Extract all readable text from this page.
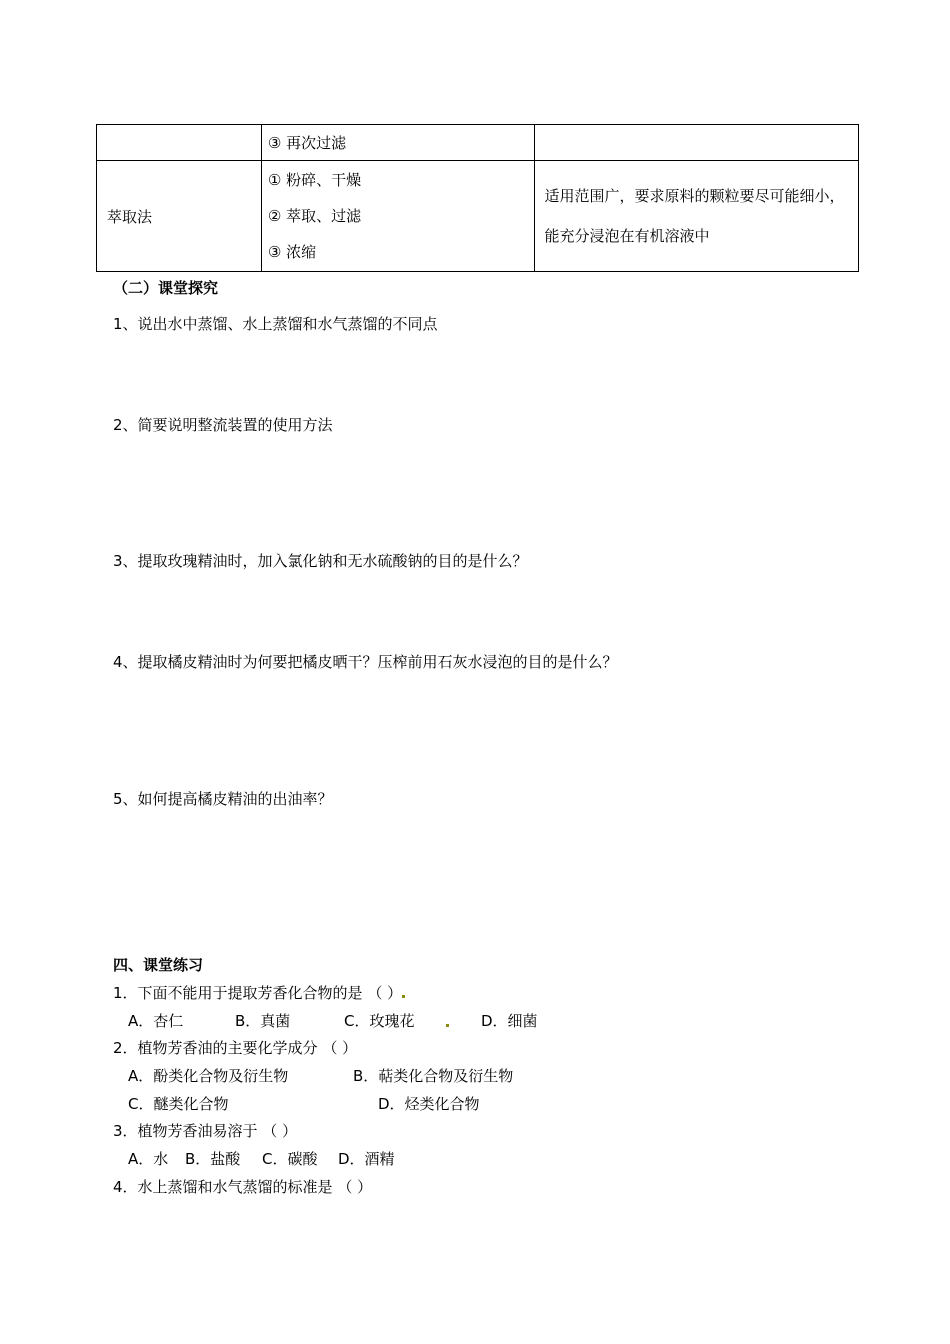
	③ 再次过滤	

萃取法	① 粉碎、干燥
② 萃取、过滤
③ 浓缩	适用范围广，要求原料的颗粒要尽可能细小，能充分浸泡在有机溶液中
（二）课堂探究
1、说出水中蒸馏、水上蒸馏和水气蒸馏的不同点
2、简要说明整流装置的使用方法
3、提取玫瑰精油时，加入氯化钠和无水硫酸钠的目的是什么？
4、提取橘皮精油时为何要把橘皮晒干？压榨前用石灰水浸泡的目的是什么？
5、如何提高橘皮精油的出油率？
四、课堂练习
1．下面不能用于提取芳香化合物的是 （ ）
A．杏仁	B．真菌	C．玫瑰花	D．细菌
2．植物芳香油的主要化学成分 （ ）
A．酚类化合物及衍生物	B．萜类化合物及衍生物
C．醚类化合物	D．烃类化合物
3．植物芳香油易溶于 （ ）
A．水 B．盐酸 C．碳酸 D．酒精
4．水上蒸馏和水气蒸馏的标准是 （ ）
